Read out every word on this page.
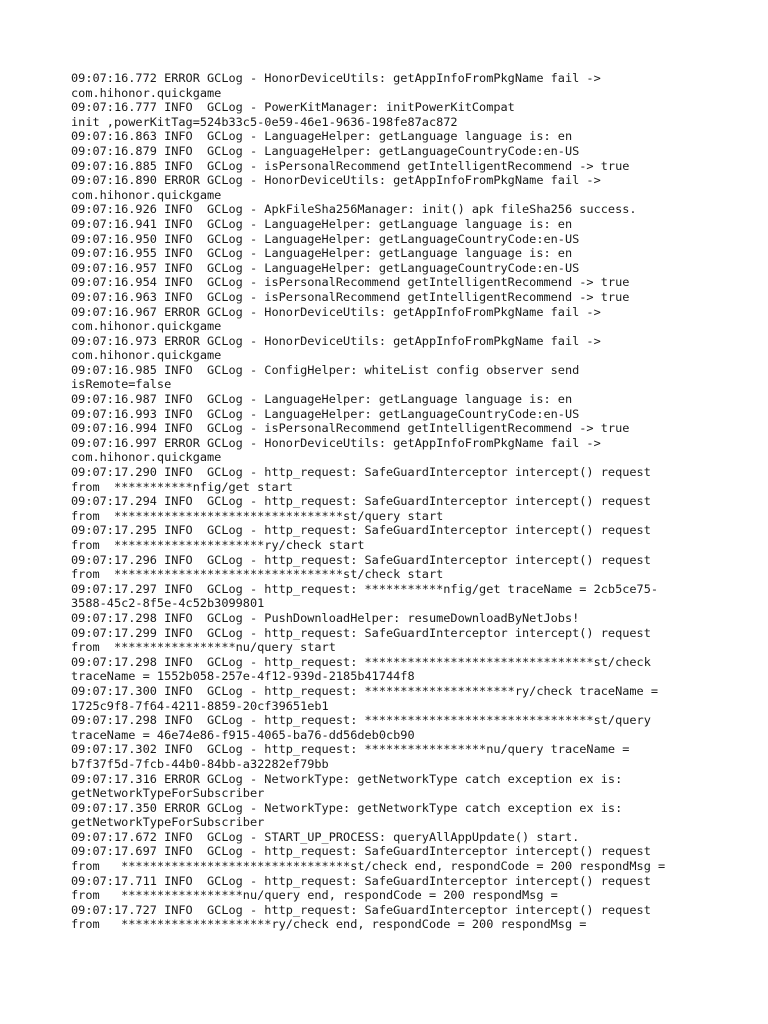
09:07:16.772 ERROR GCLog - HonorDeviceUtils: getAppInfoFromPkgName fail ->
com.hihonor.quickgame
09:07:16.777 INFO  GCLog - PowerKitManager: initPowerKitCompat
init ,powerKitTag=524b33c5-0e59-46e1-9636-198fe87ac872
09:07:16.863 INFO  GCLog - LanguageHelper: getLanguage language is: en
09:07:16.879 INFO  GCLog - LanguageHelper: getLanguageCountryCode:en-US
09:07:16.885 INFO  GCLog - isPersonalRecommend getIntelligentRecommend -> true
09:07:16.890 ERROR GCLog - HonorDeviceUtils: getAppInfoFromPkgName fail ->
com.hihonor.quickgame
09:07:16.926 INFO  GCLog - ApkFileSha256Manager: init() apk fileSha256 success.
09:07:16.941 INFO  GCLog - LanguageHelper: getLanguage language is: en
09:07:16.950 INFO  GCLog - LanguageHelper: getLanguageCountryCode:en-US
09:07:16.955 INFO  GCLog - LanguageHelper: getLanguage language is: en
09:07:16.957 INFO  GCLog - LanguageHelper: getLanguageCountryCode:en-US
09:07:16.954 INFO  GCLog - isPersonalRecommend getIntelligentRecommend -> true
09:07:16.963 INFO  GCLog - isPersonalRecommend getIntelligentRecommend -> true
09:07:16.967 ERROR GCLog - HonorDeviceUtils: getAppInfoFromPkgName fail ->
com.hihonor.quickgame
09:07:16.973 ERROR GCLog - HonorDeviceUtils: getAppInfoFromPkgName fail ->
com.hihonor.quickgame
09:07:16.985 INFO  GCLog - ConfigHelper: whiteList config observer send
isRemote=false
09:07:16.987 INFO  GCLog - LanguageHelper: getLanguage language is: en
09:07:16.993 INFO  GCLog - LanguageHelper: getLanguageCountryCode:en-US
09:07:16.994 INFO  GCLog - isPersonalRecommend getIntelligentRecommend -> true
09:07:16.997 ERROR GCLog - HonorDeviceUtils: getAppInfoFromPkgName fail ->
com.hihonor.quickgame
09:07:17.290 INFO  GCLog - http_request: SafeGuardInterceptor intercept() request
from  ***********nfig/get start
09:07:17.294 INFO  GCLog - http_request: SafeGuardInterceptor intercept() request
from  ********************************st/query start
09:07:17.295 INFO  GCLog - http_request: SafeGuardInterceptor intercept() request
from  *********************ry/check start
09:07:17.296 INFO  GCLog - http_request: SafeGuardInterceptor intercept() request
from  ********************************st/check start
09:07:17.297 INFO  GCLog - http_request: ***********nfig/get traceName = 2cb5ce75-
3588-45c2-8f5e-4c52b3099801
09:07:17.298 INFO  GCLog - PushDownloadHelper: resumeDownloadByNetJobs!
09:07:17.299 INFO  GCLog - http_request: SafeGuardInterceptor intercept() request
from  *****************nu/query start
09:07:17.298 INFO  GCLog - http_request: ********************************st/check
traceName = 1552b058-257e-4f12-939d-2185b41744f8
09:07:17.300 INFO  GCLog - http_request: *********************ry/check traceName =
1725c9f8-7f64-4211-8859-20cf39651eb1
09:07:17.298 INFO  GCLog - http_request: ********************************st/query
traceName = 46e74e86-f915-4065-ba76-dd56deb0cb90
09:07:17.302 INFO  GCLog - http_request: *****************nu/query traceName =
b7f37f5d-7fcb-44b0-84bb-a32282ef79bb
09:07:17.316 ERROR GCLog - NetworkType: getNetworkType catch exception ex is:
getNetworkTypeForSubscriber
09:07:17.350 ERROR GCLog - NetworkType: getNetworkType catch exception ex is:
getNetworkTypeForSubscriber
09:07:17.672 INFO  GCLog - START_UP_PROCESS: queryAllAppUpdate() start.
09:07:17.697 INFO  GCLog - http_request: SafeGuardInterceptor intercept() request
from   ********************************st/check end, respondCode = 200 respondMsg =
09:07:17.711 INFO  GCLog - http_request: SafeGuardInterceptor intercept() request
from   *****************nu/query end, respondCode = 200 respondMsg =
09:07:17.727 INFO  GCLog - http_request: SafeGuardInterceptor intercept() request
from   *********************ry/check end, respondCode = 200 respondMsg =
